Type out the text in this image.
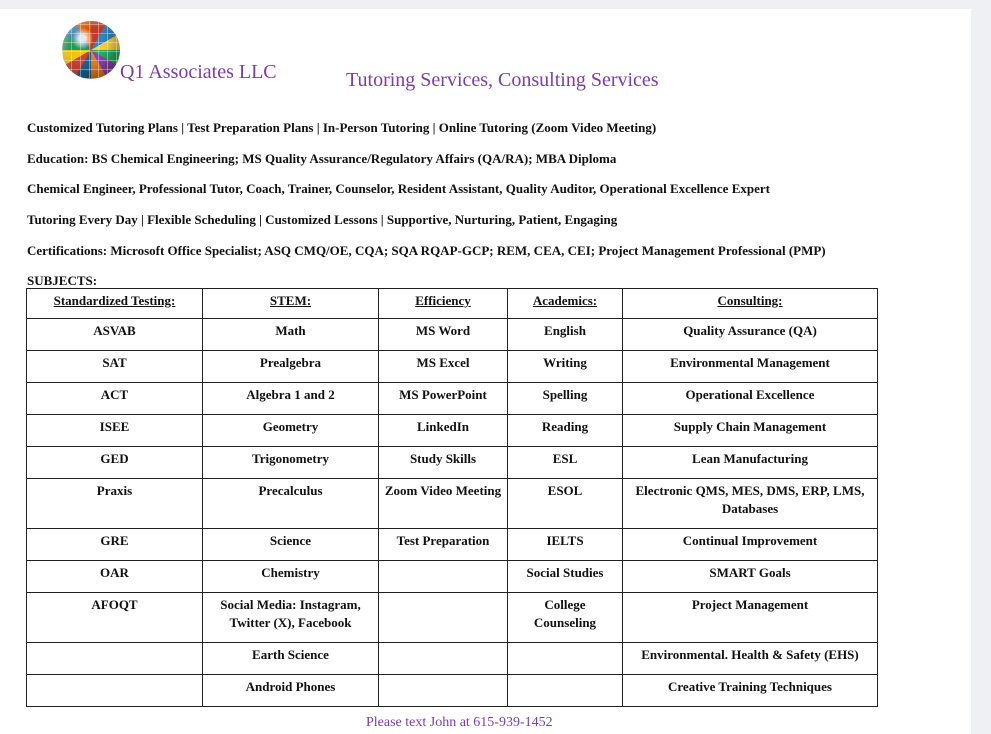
Q1 Associates LLC	Tutoring Services, Consulting Services
Customized Tutoring Plans | Test Preparation Plans | In-Person Tutoring | Online Tutoring (Zoom Video Meeting)
Education: BS Chemical Engineering; MS Quality Assurance/Regulatory Affairs (QA/RA); MBA Diploma
Chemical Engineer, Professional Tutor, Coach, Trainer, Counselor, Resident Assistant, Quality Auditor, Operational Excellence Expert
Tutoring Every Day | Flexible Scheduling | Customized Lessons | Supportive, Nurturing, Patient, Engaging
Certifications: Microsoft Office Specialist; ASQ CMQ/OE, CQA; SQA RQAP-GCP; REM, CEA, CEI; Project Management Professional (PMP)
SUBJECTS:
Standardized Testing:	STEM:	Efficiency	Academics:	Consulting:
ASVAB	Math	MS Word	English	Quality Assurance (QA)
SAT	Prealgebra	MS Excel	Writing	Environmental Management
ACT	Algebra 1 and 2	MS PowerPoint	Spelling	Operational Excellence
ISEE	Geometry	LinkedIn	Reading	Supply Chain Management
GED	Trigonometry	Study Skills	ESL	Lean Manufacturing
Praxis	Precalculus	Zoom Video Meeting	ESOL	Electronic QMS, MES, DMS, ERP, LMS, Databases
GRE	Science	Test Preparation	IELTS	Continual Improvement
OAR	Chemistry		Social Studies	SMART Goals
AFOQT	Social Media: Instagram, Twitter (X), Facebook		College Counseling	Project Management
	Earth Science			Environmental. Health & Safety (EHS)
	Android Phones			Creative Training Techniques
Please text John at 615-939-1452
